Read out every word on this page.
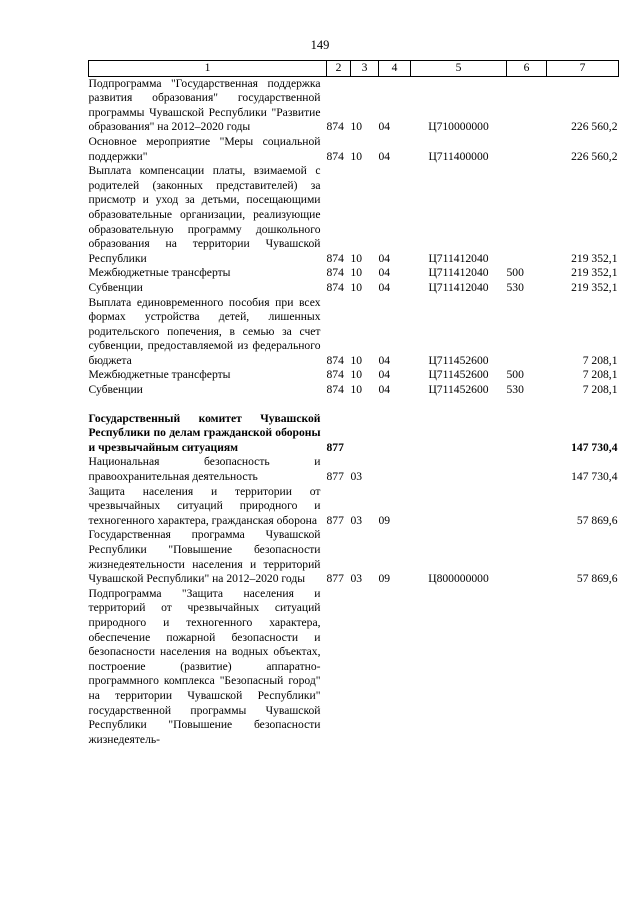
149
1	2	3	4	5	6	7
Подпрограмма "Государственная поддержка развития образования" государственной программы Чувашской Республики "Развитие образования" на 2012–2020 годы	874	10	04	Ц710000000		226 560,2
Основное мероприятие "Меры социальной поддержки"	874	10	04	Ц711400000		226 560,2
Выплата компенсации платы, взимаемой с родителей (законных представителей) за присмотр и уход за детьми, посещающими образовательные организации, реализующие образовательную программу дошкольного образования на территории Чувашской Республики	874	10	04	Ц711412040		219 352,1
Межбюджетные трансферты	874	10	04	Ц711412040	500	219 352,1
Субвенции	874	10	04	Ц711412040	530	219 352,1
Выплата единовременного пособия при всех формах устройства детей, лишенных родительского попечения, в семью за счет субвенции, предоставляемой из федерального бюджета	874	10	04	Ц711452600		7 208,1
Межбюджетные трансферты	874	10	04	Ц711452600	500	7 208,1
Субвенции	874	10	04	Ц711452600	530	7 208,1

Государственный комитет Чувашской Республики по делам гражданской обороны и чрезвычайным ситуациям	877					147 730,4
Национальная безопасность и правоохранительная деятельность	877	03				147 730,4
Защита населения и территории от чрезвычайных ситуаций природного и техногенного характера, гражданская оборона	877	03	09			57 869,6
Государственная программа Чувашской Республики "Повышение безопасности жизнедеятельности населения и территорий Чувашской Республики" на 2012–2020 годы	877	03	09	Ц800000000		57 869,6
Подпрограмма "Защита населения и территорий от чрезвычайных ситуаций природного и техногенного характера, обеспечение пожарной безопасности и безопасности населения на водных объектах, построение (развитие) аппаратно-программного комплекса "Безопасный город" на территории Чувашской Республики" государственной программы Чувашской Республики "Повышение безопасности жизнедеятель-						
